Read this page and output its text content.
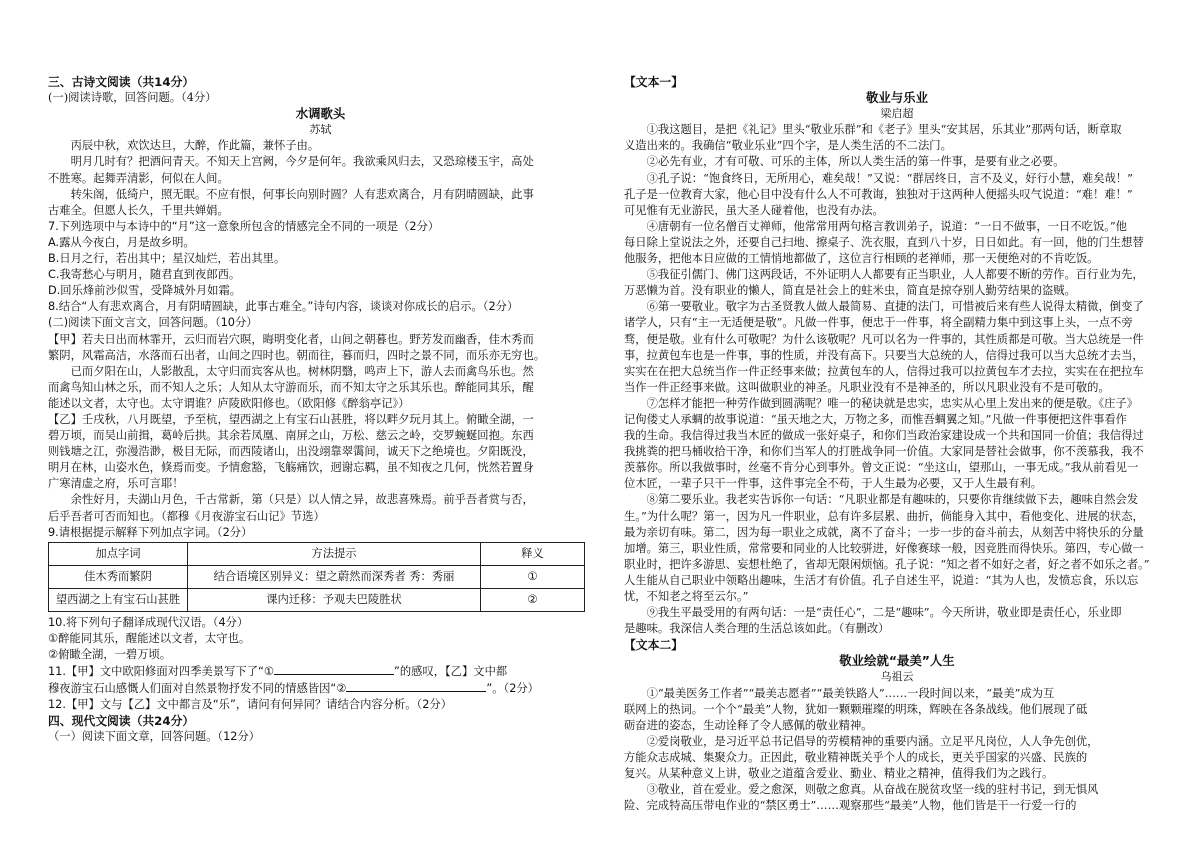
三、古诗文阅读（共14分）

(一)阅读诗歌，回答问题。（4分）

水调歌头

苏轼

丙辰中秋，欢饮达旦，大醉，作此篇，兼怀子由。

明月几时有？把酒问青天。不知天上宫阙，今夕是何年。我欲乘风归去，又恐琼楼玉宇，高处

不胜寒。起舞弄清影，何似在人间。

转朱阁，低绮户，照无眠。不应有恨，何事长向别时圆？人有悲欢离合，月有阴晴圆缺，此事

古难全。但愿人长久，千里共婵娟。

7.下列选项中与本诗中的“月”这一意象所包含的情感完全不同的一项是（2分）

A.露从今夜白，月是故乡明。

B.日月之行，若出其中；星汉灿烂，若出其里。

C.我寄愁心与明月，随君直到夜郎西。

D.回乐烽前沙似雪，受降城外月如霜。

8.结合“人有悲欢离合，月有阴晴圆缺，此事古难全。”诗句内容，谈谈对你成长的启示。（2分）

(二)阅读下面文言文，回答问题。（10分）

【甲】若夫日出而林霏开，云归而岩穴暝，晦明变化者，山间之朝暮也。野芳发而幽香，佳木秀而

繁阴，风霜高洁，水落而石出者，山间之四时也。朝而往，暮而归，四时之景不同，而乐亦无穷也。

已而夕阳在山，人影散乱，太守归而宾客从也。树林阴翳，鸣声上下，游人去而禽鸟乐也。然

而禽鸟知山林之乐，而不知人之乐；人知从太守游而乐，而不知太守之乐其乐也。醉能同其乐，醒

能述以文者，太守也。太守谓谁？庐陵欧阳修也。（欧阳修《醉翁亭记》）

【乙】壬戌秋，八月既望，予至杭，望西湖之上有宝石山甚胜，将以畔夕玩月其上。俯瞰全湖，一

碧万顷，而吴山前揖，葛岭后拱。其余若凤凰、南屏之山，万松、慈云之岭，交罗蜿蜒回抱。东西

则钱塘之江，弥漫浩渺，极目无际，而西陵诸山，出没翊靠翠霭间，诚天下之绝境也。夕阳既没，

明月在林，山姿水色，倏焉而变。予情愈豁，飞觞痛饮，迥谢忘羁，虽不知夜之几何，恍然若置身

广寒清虚之府，乐可言耶！

余性好月，夫湖山月色，千古常新，第（只是）以人情之异，故悲喜殊焉。前乎吾者赏与否，

后乎吾者可否而知也。（都穆《月夜游宝石山记》节选）

9.请根据提示解释下列加点字词。（2分）

加点字词	方法提示	释义
佳木秀而繁阴	结合语境区别异义：望之蔚然而深秀者 秀：秀丽	①
望西湖之上有宝石山甚胜	课内迁移：予观夫巴陵胜状	②

10.将下列句子翻译成现代汉语。（4分）

①醉能同其乐，醒能述以文者，太守也。

②俯瞰全湖，一碧万顷。

11.【甲】文中欧阳修面对四季美景写下了“①	”的感叹，【乙】文中都

穆夜游宝石山感慨人们面对自然景物抒发不同的情感皆因“②	”。（2分）

12.【甲】文与【乙】文中都言及“乐”，请问有何异同？请结合内容分析。（2分）

四、现代文阅读（共24分）

（一）阅读下面文章，回答问题。（12分）

【文本一】

敬业与乐业

梁启超

①我这题目，是把《礼记》里头“敬业乐群”和《老子》里头“安其居，乐其业”那两句话，断章取

义造出来的。我确信“敬业乐业”四个字，是人类生活的不二法门。

②必先有业，才有可敬、可乐的主体，所以人类生活的第一件事，是要有业之必要。

③孔子说：“饱食终日，无所用心，难矣哉！”又说：“群居终日，言不及义，好行小慧，难矣哉！”

孔子是一位教育大家，他心目中没有什么人不可教诲，独独对于这两种人便摇头叹气说道：“难！难！”

可见惟有无业游民，虽大圣人碰着他，也没有办法。

④唐朝有一位名僧百丈禅师，他常常用两句格言教训弟子，说道：“一日不做事，一日不吃饭。”他

每日除上堂说法之外，还要自己扫地、擦桌子、洗衣服，直到八十岁，日日如此。有一回，他的门生想替

他服务，把他本日应做的工情悄地都做了，这位言行相顾的老禅师，那一天便绝对的不肯吃饭。

⑤我征引儒门、佛门这两段话，不外证明人人都要有正当职业，人人都要不断的劳作。百行业为先，

万恶懒为首。没有职业的懒人，简直是社会上的蛀米虫，简直是掠夺别人勤劳结果的盗贼。

⑥第一要敬业。敬字为古圣贤教人做人最简易、直捷的法门，可惜被后来有些人说得太精微，倒变了

诸学人，只有“主一无适便是敬”。凡做一件事，便忠于一件事，将全副精力集中到这事上头，一点不旁

骛，便是敬。业有什么可敬呢？为什么该敬呢？凡可以名为一件事的，其性质都是可敬。当大总统是一件

事，拉黄包车也是一件事，事的性质，并没有高下。只要当大总统的人，信得过我可以当大总统才去当，

实实在在把大总统当作一件正经事来做；拉黄包车的人，信得过我可以拉黄包车才去拉，实实在在把拉车

当作一件正经事来做。这叫做职业的神圣。凡职业没有不是神圣的，所以凡职业没有不是可敬的。

⑦怎样才能把一种劳作做到圆满呢？唯一的秘诀就是忠实，忠实从心里上发出来的便是敬。《庄子》

记佝偻丈人承蜩的故事说道：“虽天地之大，万物之多，而惟吾蜩翼之知。”凡做一件事便把这件事看作

我的生命。我信得过我当木匠的做成一张好桌子，和你们当政治家建设成一个共和国同一价值；我信得过

我挑粪的把马桶收拾干净，和你们当军人的打胜战争同一价值。大家同是替社会做事，你不羡慕我，我不

羡慕你。所以我做事时，丝毫不肯分心到事外。曾文正说：“坐这山，望那山，一事无成。”我从前看见一

位木匠，一辈子只干一件事，这件事完全不苟，于人生最为必要，又于人生最有利。

⑧第二要乐业。我老实告诉你一句话：“凡职业都是有趣味的，只要你肯继续做下去，趣味自然会发

生。”为什么呢？第一，因为凡一件职业，总有许多层累、曲折，倘能身入其中，看他变化、进展的状态，

最为亲切有味。第二，因为每一职业之成就，离不了奋斗；一步一步的奋斗前去，从刻苦中将快乐的分量

加增。第三，职业性质，常常要和同业的人比较骈进，好像赛球一般，因竞胜而得快乐。第四，专心做一

职业时，把许多游思、妄想杜绝了，省却无限闲烦恼。孔子说：“知之者不如好之者，好之者不如乐之者。”

人生能从自己职业中领略出趣味，生活才有价值。孔子自述生平，说道：“其为人也，发愤忘食，乐以忘

忧，不知老之将至云尔。”

⑨我生平最受用的有两句话：一是“责任心”，二是“趣味”。今天所讲，敬业即是责任心，乐业即

是趣味。我深信人类合理的生活总该如此。（有删改）

【文本二】

敬业绘就“最美”人生

乌祖云

①“最美医务工作者”“最美志愿者”“最美铁路人”……一段时间以来，“最美”成为互

联网上的热词。一个个“最美”人物，犹如一颗颗璀璨的明珠，辉映在各条战线。他们展现了砥

砺奋进的姿态，生动诠释了令人感佩的敬业精神。

②爱岗敬业，是习近平总书记倡导的劳模精神的重要内涵。立足平凡岗位，人人争先创优，

方能众志成城、集聚众力。正因此，敬业精神既关乎个人的成长，更关乎国家的兴盛、民族的

复兴。从某种意义上讲，敬业之道蕴含爱业、勤业、精业之精神，值得我们为之践行。

③敬业，首在爱业。爱之愈深，则敬之愈真。从奋战在脱贫攻坚一线的驻村书记，到无惧风

险、完成特高压带电作业的“禁区勇士”……观察那些“最美”人物，他们皆是干一行爱一行的
